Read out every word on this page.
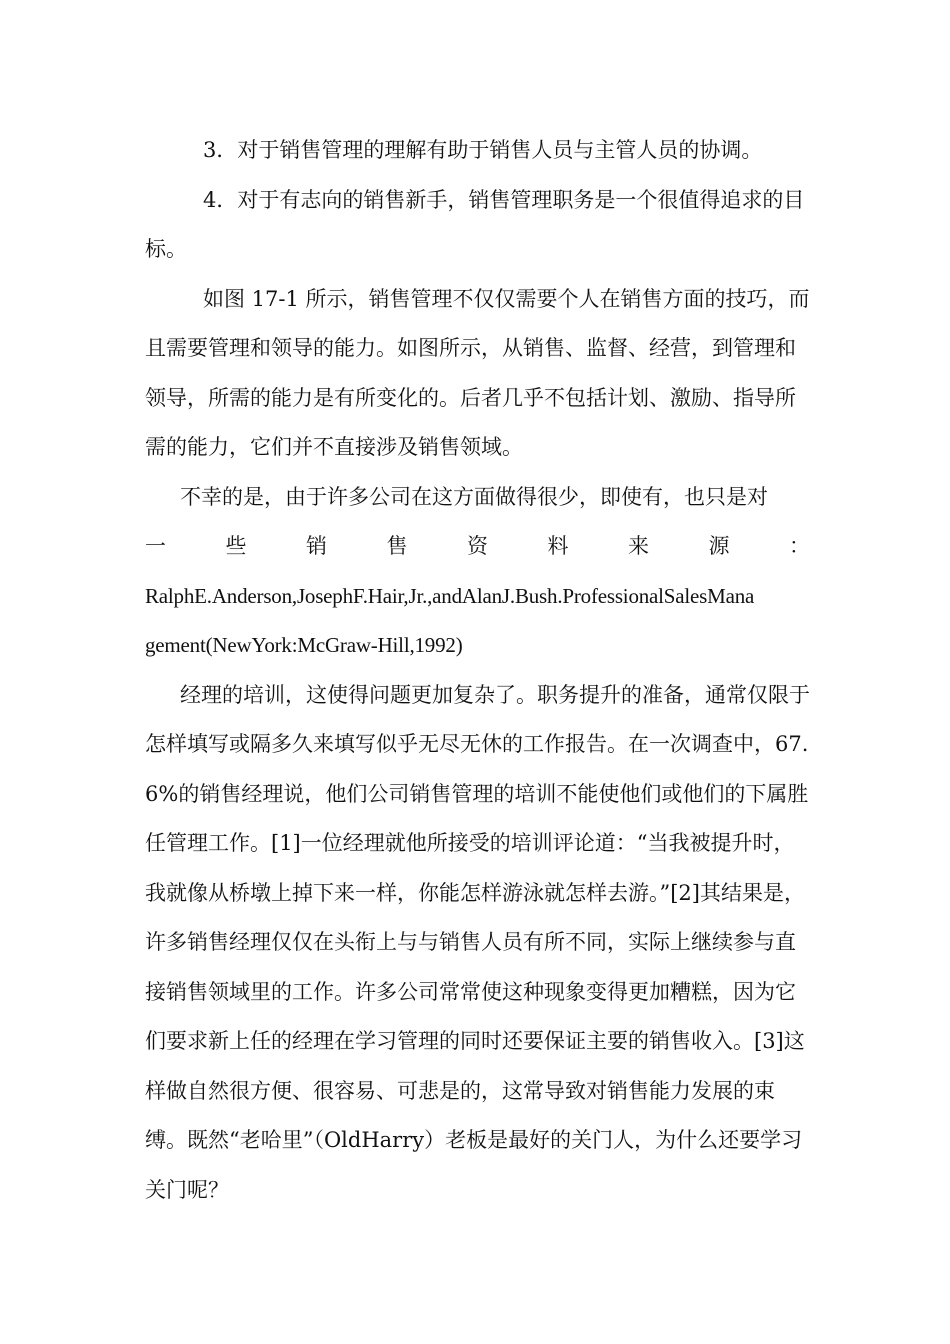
3．对于销售管理的理解有助于销售人员与主管人员的协调。

4．对于有志向的销售新手，销售管理职务是一个很值得追求的目标。

如图 17-1 所示，销售管理不仅仅需要个人在销售方面的技巧，而且需要管理和领导的能力。如图所示，从销售、监督、经营，到管理和领导，所需的能力是有所变化的。后者几乎不包括计划、激励、指导所需的能力，它们并不直接涉及销售领域。

不幸的是，由于许多公司在这方面做得很少，即使有，也只是对

一	些	销	售	资	料	来	源	：

RalphE.Anderson,JosephF.Hair,Jr.,andAlanJ.Bush.ProfessionalSalesMana

gement(NewYork:McGraw-Hill,1992)

经理的培训，这使得问题更加复杂了。职务提升的准备，通常仅限于怎样填写或隔多久来填写似乎无尽无休的工作报告。在一次调查中，67.6%的销售经理说，他们公司销售管理的培训不能使他们或他们的下属胜任管理工作。[1]一位经理就他所接受的培训评论道：“当我被提升时，我就像从桥墩上掉下来一样，你能怎样游泳就怎样去游。”[2]其结果是，许多销售经理仅仅在头衔上与与销售人员有所不同，实际上继续参与直接销售领域里的工作。许多公司常常使这种现象变得更加糟糕，因为它们要求新上任的经理在学习管理的同时还要保证主要的销售收入。[3]这样做自然很方便、很容易、可悲是的，这常导致对销售能力发展的束缚。既然“老哈里”（OldHarry）老板是最好的关门人，为什么还要学习关门呢？
